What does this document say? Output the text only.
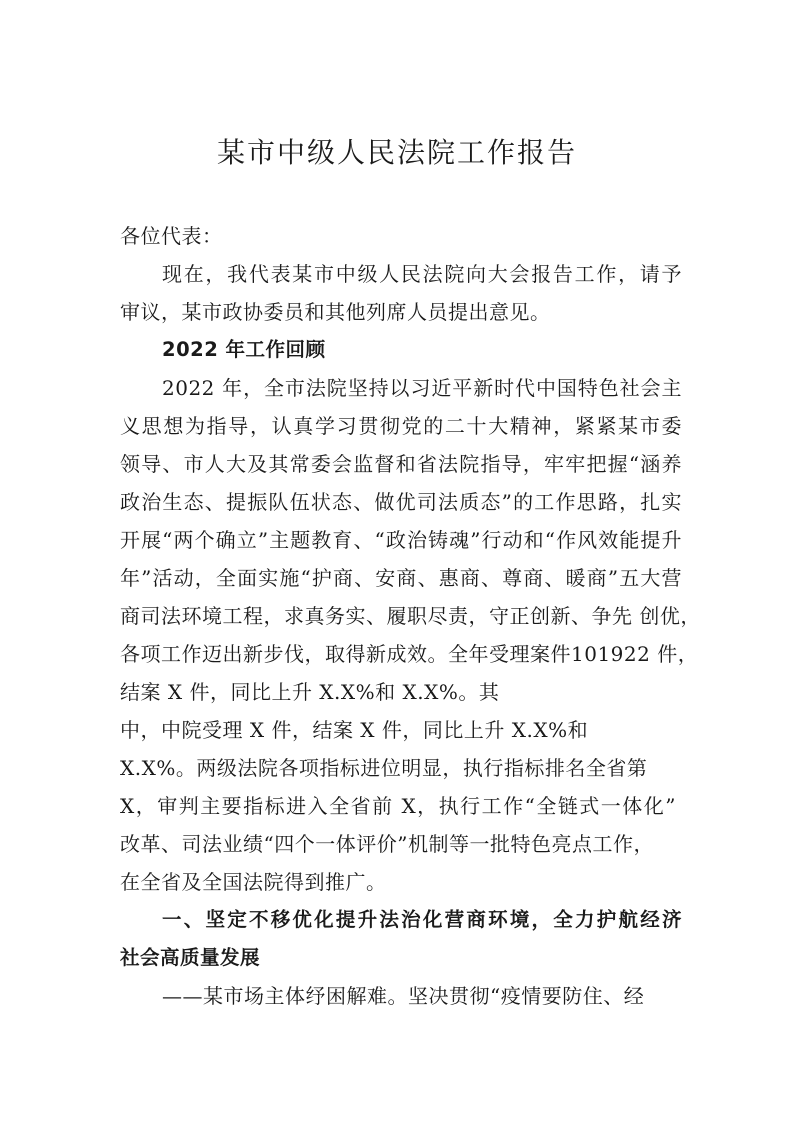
某市中级人民法院工作报告
各位代表：
现在，我代表某市中级人民法院向大会报告工作，请予
审议，某市政协委员和其他列席人员提出意见。
2022 年工作回顾
2022 年，全市法院坚持以习近平新时代中国特色社会主
义思想为指导，认真学习贯彻党的二十大精神，紧紧某市委
领导、市人大及其常委会监督和省法院指导，牢牢把握“涵养
政治生态、提振队伍状态、做优司法质态”的工作思路，扎实
开展“两个确立”主题教育、“政治铸魂”行动和“作风效能提升
年”活动，全面实施“护商、安商、惠商、尊商、暖商”五大营
商司法环境工程，求真务实、履职尽责，守正创新、争先 创优，
各项工作迈出新步伐，取得新成效。全年受理案件101922 件，
结案 X 件，同比上升 X.X%和 X.X%。其
中，中院受理 X 件，结案 X 件，同比上升 X.X%和
X.X%。两级法院各项指标进位明显，执行指标排名全省第
X，审判主要指标进入全省前 X，执行工作“全链式一体化”
改革、司法业绩“四个一体评价”机制等一批特色亮点工作，
在全省及全国法院得到推广。
一、坚定不移优化提升法治化营商环境，全力护航经济
社会高质量发展
——某市场主体纾困解难。坚决贯彻“疫情要防住、经
